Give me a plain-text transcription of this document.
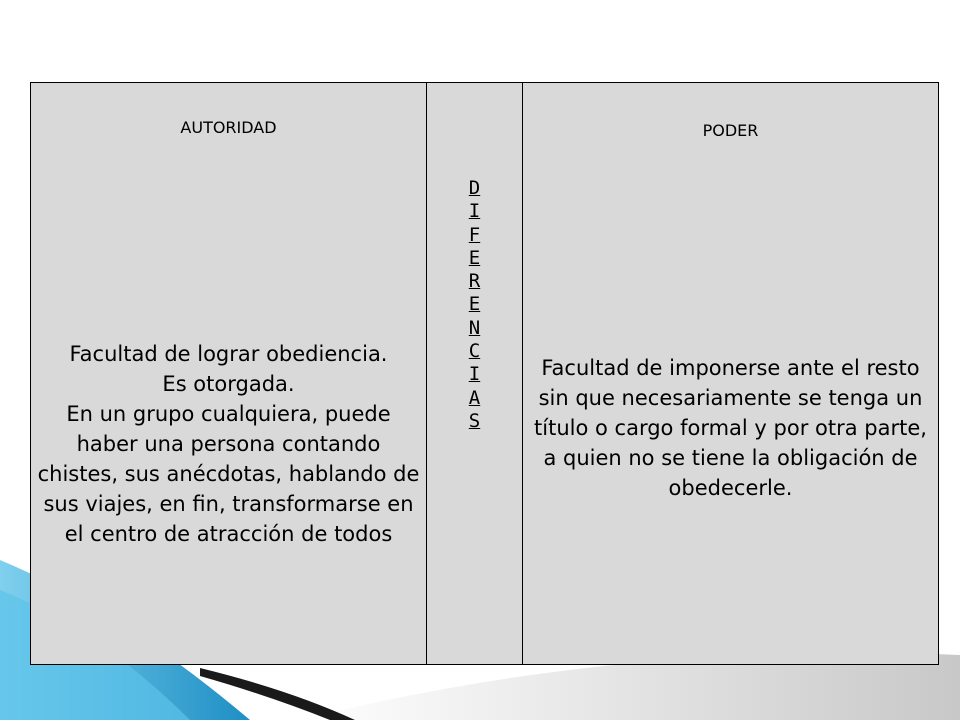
AUTORIDAD

Facultad de lograr obediencia.

Es otorgada.

En un grupo cualquiera, puede haber una persona contando chistes, sus anécdotas, hablando de sus viajes, en fin, transformarse en el centro de atracción de todos

D
I
F
E
R
E
N
C
I
A
S
PODER
Facultad de imponerse ante el resto sin que necesariamente se tenga un título o cargo formal y por otra parte, a quien no se tiene la obligación de obedecerle.
